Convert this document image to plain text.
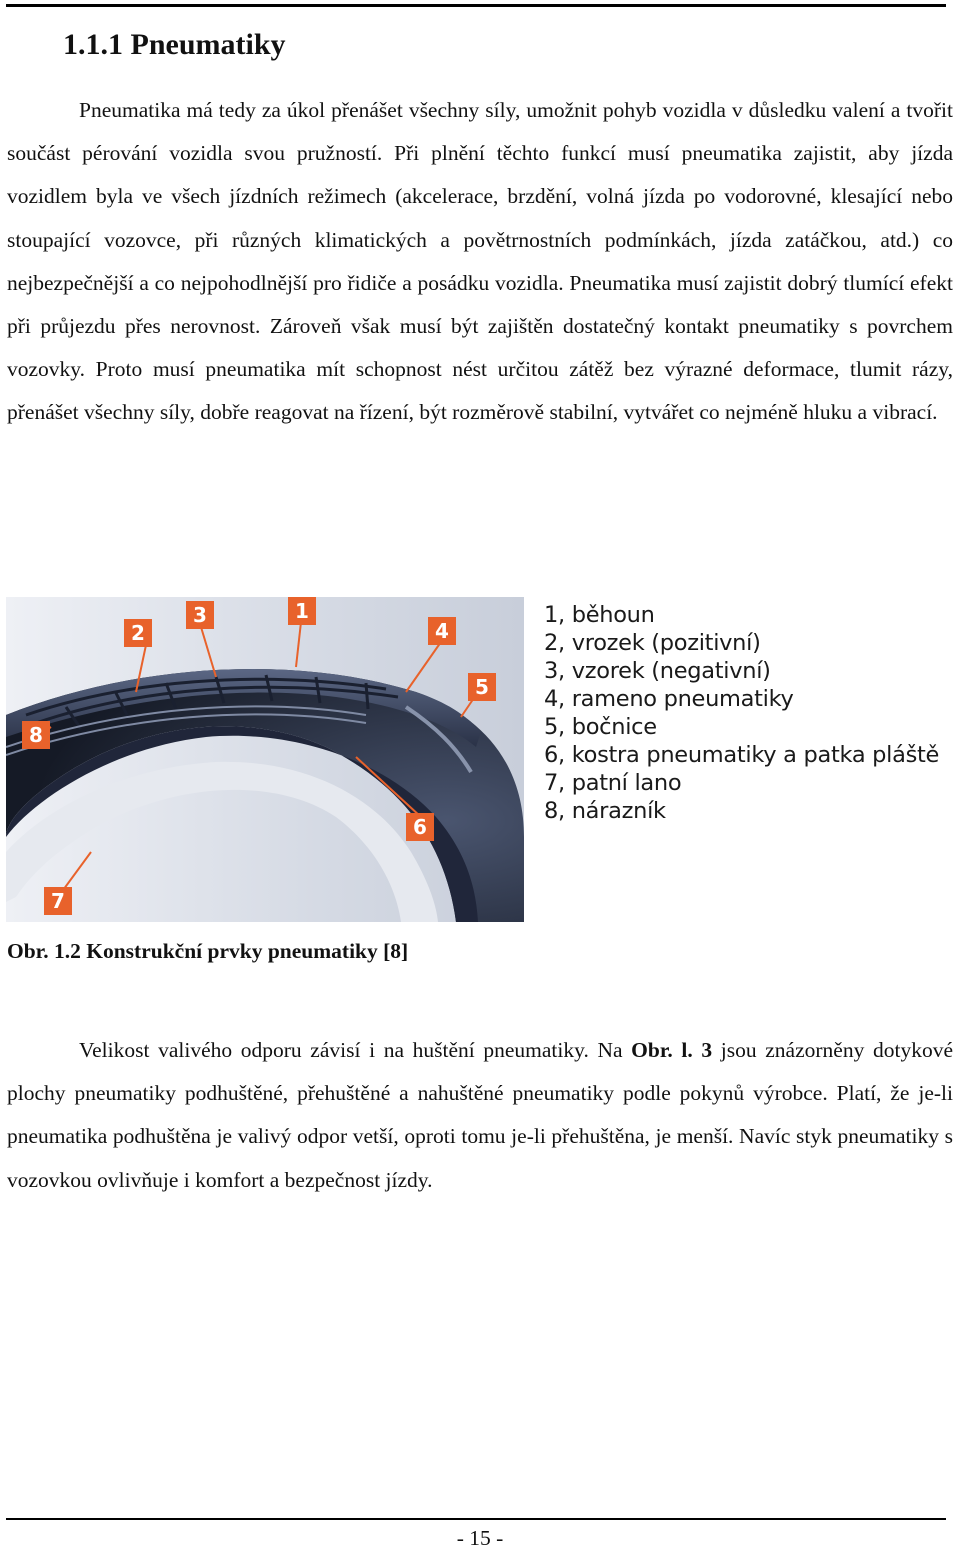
1.1.1 Pneumatiky

Pneumatika má tedy za úkol přenášet všechny síly, umožnit pohyb vozidla v důsledku valení a tvořit součást pérování vozidla svou pružností. Při plnění těchto funkcí musí pneumatika zajistit, aby jízda vozidlem byla ve všech jízdních režimech (akcelerace, brzdění, volná jízda po vodorovné, klesající nebo stoupající vozovce, při různých klimatických a povětrnostních podmínkách, jízda zatáčkou, atd.) co nejbezpečnější a co nejpohodlnější pro řidiče a posádku vozidla. Pneumatika musí zajistit dobrý tlumící efekt při průjezdu přes nerovnost. Zároveň však musí být zajištěn dostatečný kontakt pneumatiky s povrchem vozovky. Proto musí pneumatika mít schopnost nést určitou zátěž bez výrazné deformace, tlumit rázy, přenášet všechny síly, dobře reagovat na řízení, být rozměrově stabilní, vytvářet co nejméně hluku a vibrací.

1
2
3
4
5
6
7
8
1, běhoun
2, vrozek (pozitivní)
3, vzorek (negativní)
4, rameno pneumatiky
5, bočnice
6, kostra pneumatiky a patka pláště
7, patní lano
8, nárazník
Obr. 1.2 Konstrukční prvky pneumatiky [8]

Velikost valivého odporu závisí i na huštění pneumatiky. Na Obr. l. 3 jsou znázorněny dotykové plochy pneumatiky podhuštěné, přehuštěné a nahuštěné pneumatiky podle pokynů výrobce. Platí, že je-li pneumatika podhuštěna je valivý odpor vetší, oproti tomu je-li přehuštěna, je menší. Navíc styk pneumatiky s vozovkou ovlivňuje i komfort a bezpečnost jízdy.

- 15 -
